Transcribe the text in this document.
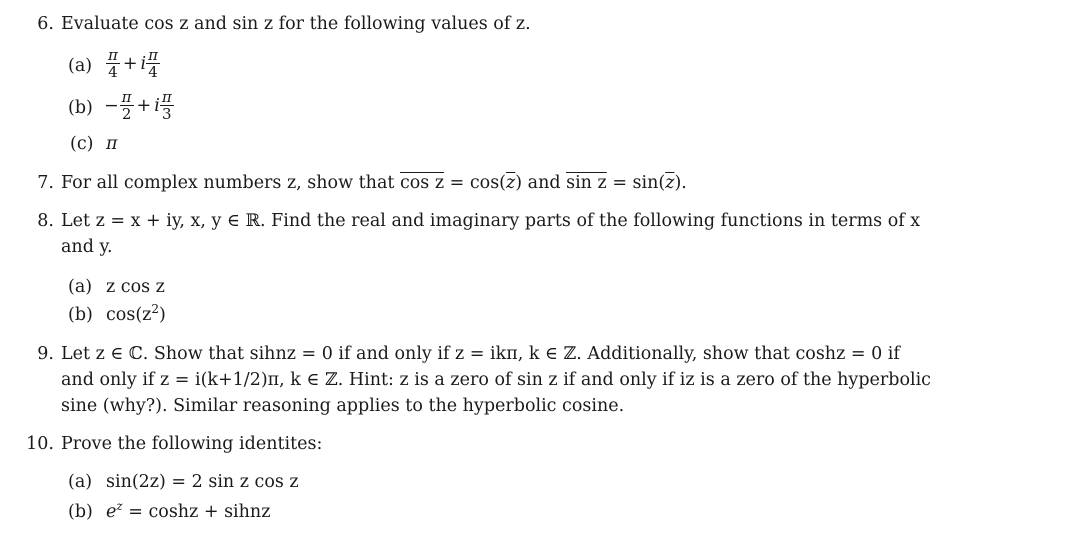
6. Evaluate cos z and sin z for the following values of z.
$(a) \frac{\pi}{4} + i \frac{\pi}{4}$
$(b) - \frac{\pi}{2} + i \frac{\pi}{3}$
(c) π
7. For all complex numbers z, show that $\cos z = \cos(\overline{z})$ and $\sin z = \sin(\overline{z})$.
8. Let z = x + iy, x, y ∈ ℝ. Find the real and imaginary parts of the following functions in terms of x
and y.
(a) z cos z
(b) $\cos(z^2)$
9. Let z ∈ ℂ. Show that sihnz = 0 if and only if z = ikπ, k ∈ ℤ. Additionally, show that coshz = 0 if
and only if z = i(k+1/2)π, k ∈ ℤ. Hint: z is a zero of sin z if and only if iz is a zero of the hyperbolic
sine (why?). Similar reasoning applies to the hyperbolic cosine.
10. Prove the following identites:
(a) sin(2z) = 2 sin z cos z
(b) $e^z = \cosh z$ + sihnz
